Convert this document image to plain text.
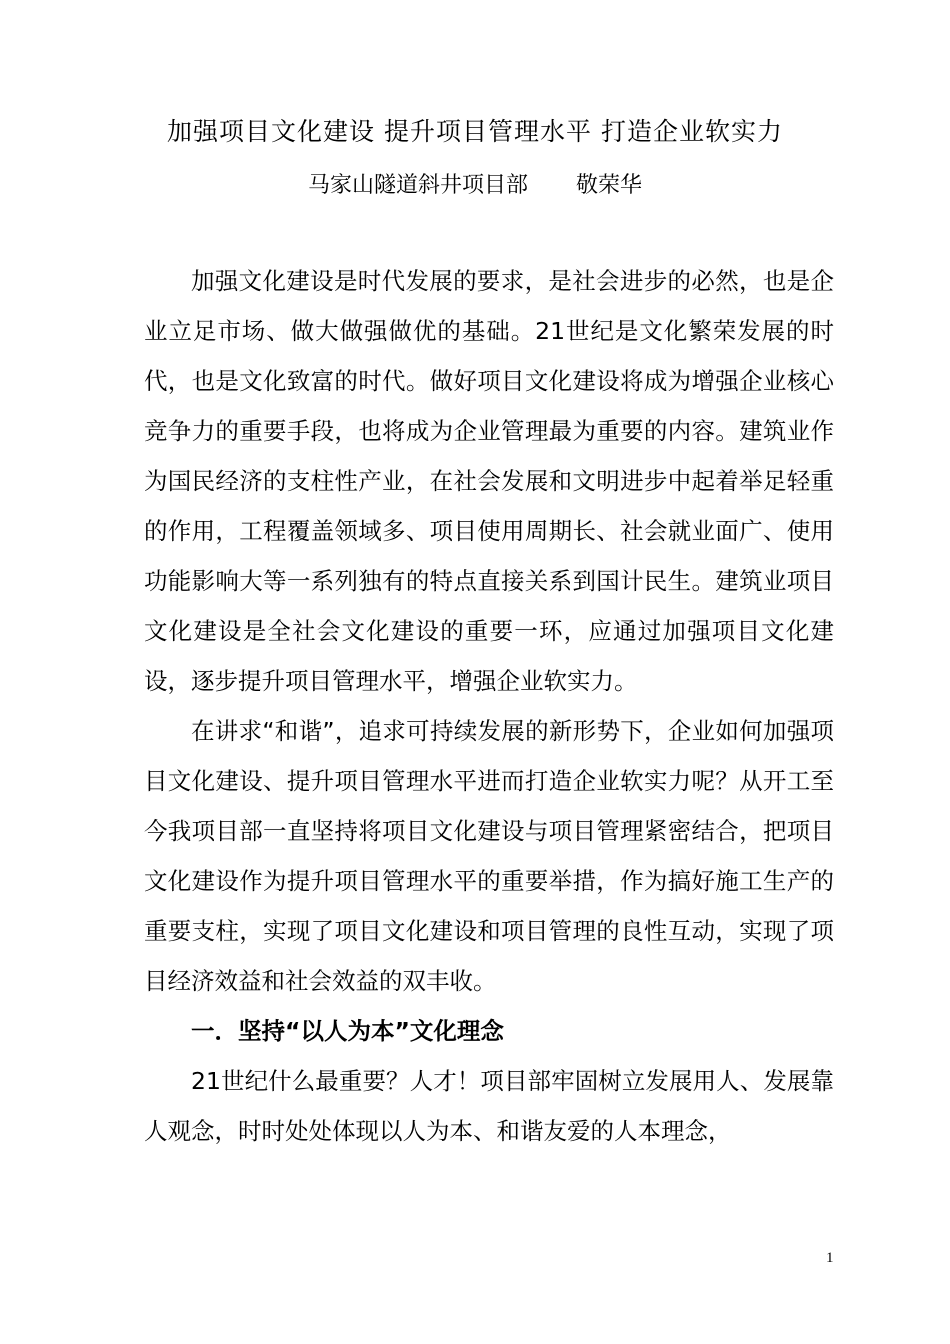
加强项目文化建设 提升项目管理水平 打造企业软实力
马家山隧道斜井项目部 敬荣华

加强文化建设是时代发展的要求，是社会进步的必然，也是企业立足市场、做大做强做优的基础。21世纪是文化繁荣发展的时代，也是文化致富的时代。做好项目文化建设将成为增强企业核心竞争力的重要手段，也将成为企业管理最为重要的内容。建筑业作为国民经济的支柱性产业，在社会发展和文明进步中起着举足轻重的作用，工程覆盖领域多、项目使用周期长、社会就业面广、使用功能影响大等一系列独有的特点直接关系到国计民生。建筑业项目文化建设是全社会文化建设的重要一环，应通过加强项目文化建设，逐步提升项目管理水平，增强企业软实力。

在讲求“和谐”，追求可持续发展的新形势下，企业如何加强项目文化建设、提升项目管理水平进而打造企业软实力呢？从开工至今我项目部一直坚持将项目文化建设与项目管理紧密结合，把项目文化建设作为提升项目管理水平的重要举措，作为搞好施工生产的重要支柱，实现了项目文化建设和项目管理的良性互动，实现了项目经济效益和社会效益的双丰收。

一．坚持“以人为本”文化理念

21世纪什么最重要？人才！项目部牢固树立发展用人、发展靠人观念，时时处处体现以人为本、和谐友爱的人本理念，

1
